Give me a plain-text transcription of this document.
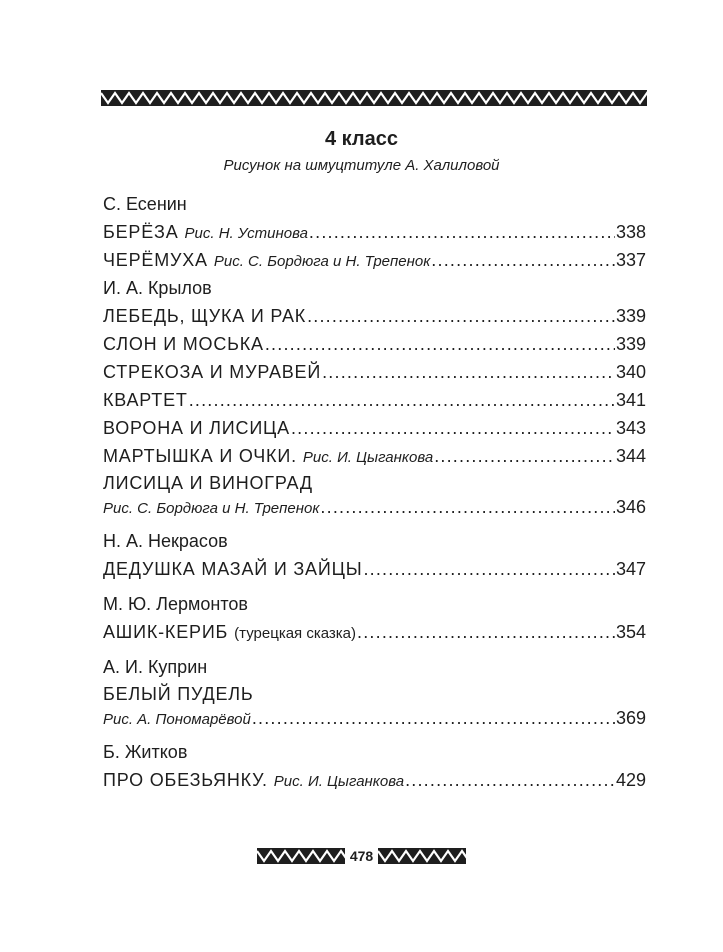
4 класс
Рисунок на шмуцтитуле А. Халиловой
С. Есенин
БЕРЁЗА Рис. Н. Устинова .....	338
ЧЕРЁМУХА Рис. С. Бордюга и Н. Трепенок .....	337
И. А. Крылов
ЛЕБЕДЬ, ЩУКА И РАК .....	339
СЛОН И МОСЬКА .....	339
СТРЕКОЗА И МУРАВЕЙ .....	340
КВАРТЕТ .....	341
ВОРОНА И ЛИСИЦА .....	343
МАРТЫШКА И ОЧКИ. Рис. И. Цыганкова .....	344
ЛИСИЦА И ВИНОГРАД
Рис. С. Бордюга и Н. Трепенок .....	346
Н. А. Некрасов
ДЕДУШКА МАЗАЙ И ЗАЙЦЫ .....	347
М. Ю. Лермонтов
АШИК-КЕРИБ (турецкая сказка) .....	354
А. И. Куприн
БЕЛЫЙ ПУДЕЛЬ
Рис. А. Пономарёвой .....	369
Б. Житков
ПРО ОБЕЗЬЯНКУ. Рис. И. Цыганкова .....	429
478
